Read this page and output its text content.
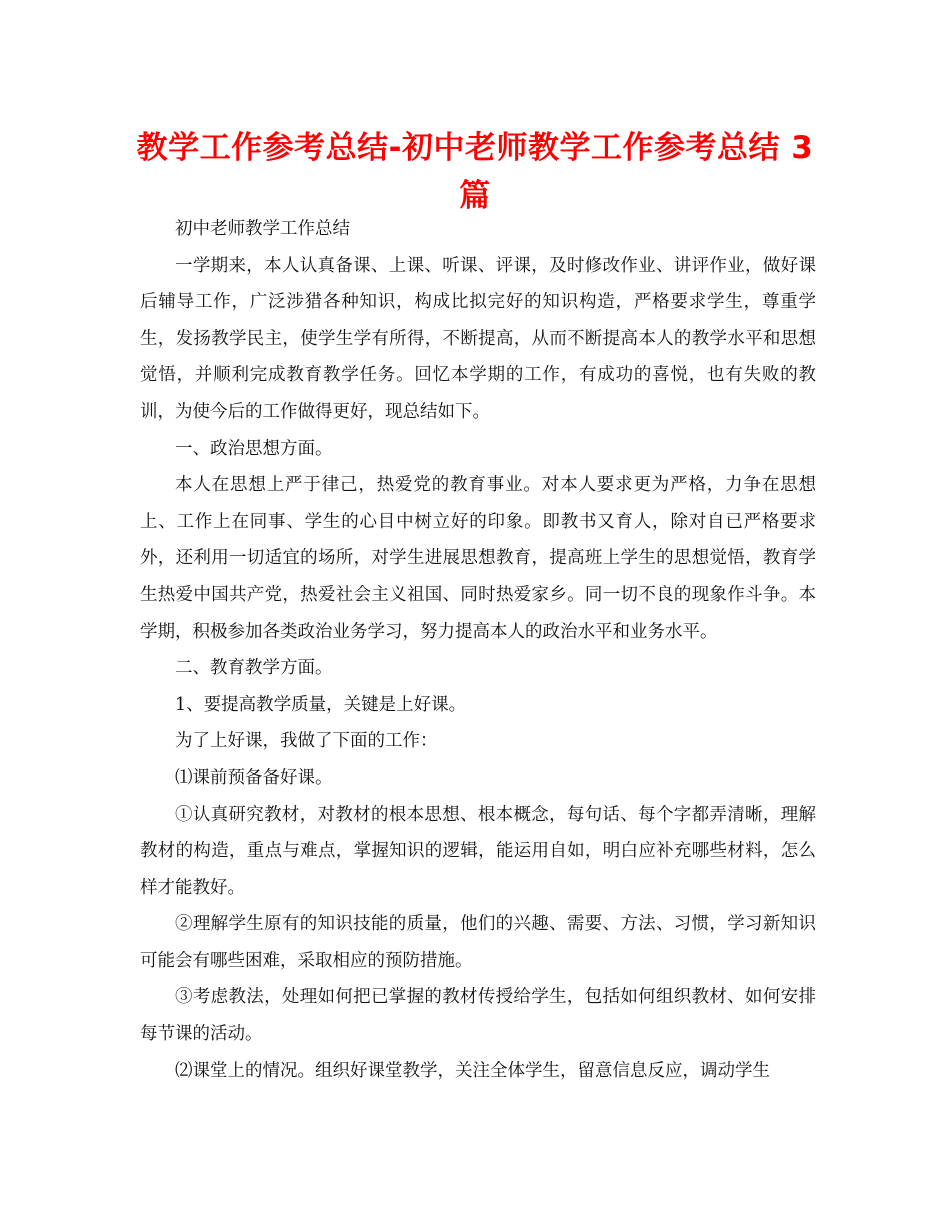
教学工作参考总结-初中老师教学工作参考总结 3 篇

初中老师教学工作总结

一学期来，本人认真备课、上课、听课、评课，及时修改作业、讲评作业，做好课后辅导工作，广泛涉猎各种知识，构成比拟完好的知识构造，严格要求学生，尊重学生，发扬教学民主，使学生学有所得，不断提高，从而不断提高本人的教学水平和思想觉悟，并顺利完成教育教学任务。回忆本学期的工作，有成功的喜悦，也有失败的教训，为使今后的工作做得更好，现总结如下。

一、政治思想方面。

本人在思想上严于律己，热爱党的教育事业。对本人要求更为严格，力争在思想上、工作上在同事、学生的心目中树立好的印象。即教书又育人，除对自已严格要求外，还利用一切适宜的场所，对学生进展思想教育，提高班上学生的思想觉悟，教育学生热爱中国共产党，热爱社会主义祖国、同时热爱家乡。同一切不良的现象作斗争。本学期，积极参加各类政治业务学习，努力提高本人的政治水平和业务水平。

二、教育教学方面。

1、要提高教学质量，关键是上好课。

为了上好课，我做了下面的工作：

⑴课前预备备好课。

①认真研究教材，对教材的根本思想、根本概念，每句话、每个字都弄清晰，理解教材的构造，重点与难点，掌握知识的逻辑，能运用自如，明白应补充哪些材料，怎么样才能教好。

②理解学生原有的知识技能的质量，他们的兴趣、需要、方法、习惯，学习新知识可能会有哪些困难，采取相应的预防措施。

③考虑教法，处理如何把已掌握的教材传授给学生，包括如何组织教材、如何安排每节课的活动。

⑵课堂上的情况。组织好课堂教学，关注全体学生，留意信息反应，调动学生
